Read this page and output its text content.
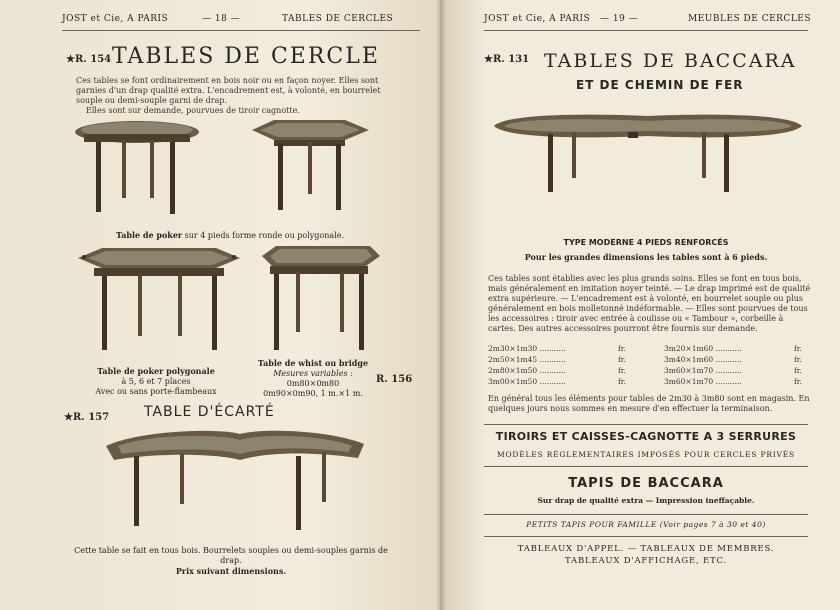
JOST et Cie, A PARIS	— 18 —	TABLES DE CERCLES
★R. 154 TABLES DE CERCLE
Ces tables se font ordinairement en bois noir ou en façon noyer. Elles sont
garnies d'un drap qualité extra. L'encadrement est, à volonté, en bourrelet
souple ou demi-souple garni de drap.
Elles sont sur demande, pourvues de tiroir cagnotte.
Table de poker sur 4 pieds forme ronde ou polygonale.
Table de poker polygonale
à 5, 6 et 7 places
Avec ou sans porte-flambeaux
Table de whist ou bridge
Mesures variables :
0m80×0m80
0m90×0m90, 1 m.×1 m.
R. 156
★R. 157 TABLE D'ÉCARTÉ
Cette table se fait en tous bois. Bourrelets souples ou demi-souples garnis de drap.
Prix suivant dimensions.
JOST et Cie, A PARIS — 19 —	MEUBLES DE CERCLES
★R. 131 TABLES DE BACCARA
ET DE CHEMIN DE FER
TYPE MODERNE 4 PIEDS RENFORCÉS
Pour les grandes dimensions les tables sont à 6 pieds.
Ces tables sont établies avec les plus grands soins. Elles se font en tous bois,
mais généralement en imitation noyer teinté. — Le drap imprimé est de qualité
extra supérieure. — L'encadrement est à volonté, en bourrelet souple ou plus
généralement en bois molletonné indéformable. — Elles sont pourvues de tous
les accessoires : tiroir avec entrée à coulisse ou « Tambour », corbeille à
cartes. Des autres accessoires pourront être fournis sur demande.
2m30×1m30 ...........	fr.	3m20×1m60 ...........	fr.
2m50×1m45 ...........	fr.	3m40×1m60 ...........	fr.
2m80×1m50 ...........	fr.	3m60×1m70 ...........	fr.
3m00×1m50 ...........	fr.	3m60×1m70 ...........	fr.
En général tous les éléments pour tables de 2m30 à 3m80 sont en magasin. En
quelques jours nous sommes en mesure d'en effectuer la terminaison.
TIROIRS ET CAISSES-CAGNOTTE A 3 SERRURES
MODÈLES RÉGLEMENTAIRES IMPOSÉS POUR CERCLES PRIVÉS
TAPIS DE BACCARA
Sur drap de qualité extra — Impression ineffaçable.
PETITS TAPIS POUR FAMILLE (Voir pages 7 à 30 et 40)
TABLEAUX D'APPEL. — TABLEAUX DE MEMBRES.
TABLEAUX D'AFFICHAGE, ETC.
